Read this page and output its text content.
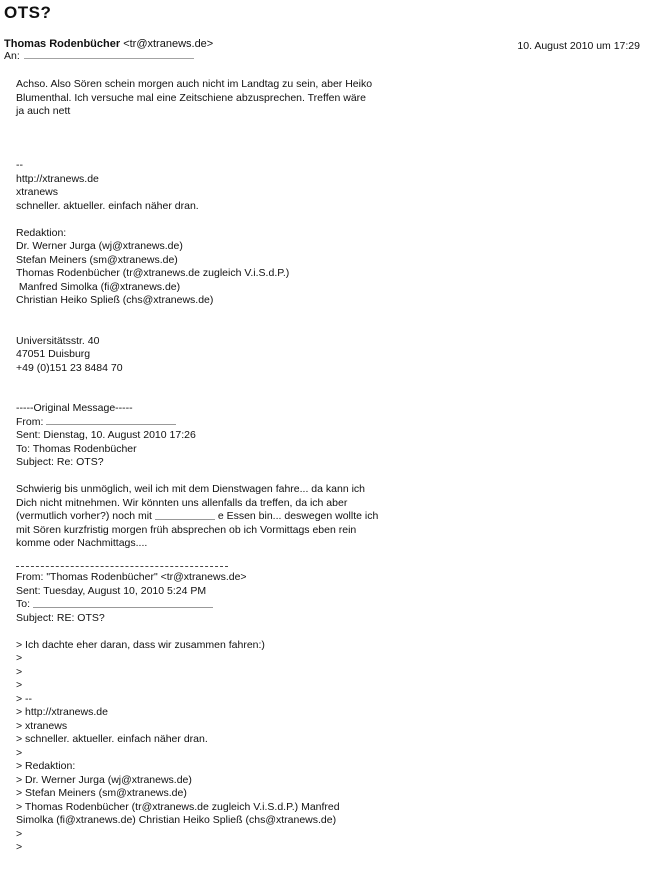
OTS?
Thomas Rodenbücher <tr@xtranews.de>	10. August 2010 um 17:29
An:
Achso. Also Sören schein morgen auch nicht im Landtag zu sein, aber Heiko
Blumenthal. Ich versuche mal eine Zeitschiene abzusprechen. Treffen wäre
ja auch nett
--
http://xtranews.de
xtranews
schneller. aktueller. einfach näher dran.
Redaktion:
Dr. Werner Jurga (wj@xtranews.de)
Stefan Meiners (sm@xtranews.de)
Thomas Rodenbücher (tr@xtranews.de zugleich V.i.S.d.P.)
Manfred Simolka (fi@xtranews.de)
Christian Heiko Spließ (chs@xtranews.de)
Universitätsstr. 40
47051 Duisburg
+49 (0)151 23 8484 70
-----Original Message-----
From:
Sent: Dienstag, 10. August 2010 17:26
To: Thomas Rodenbücher
Subject: Re: OTS?
Schwierig bis unmöglich, weil ich mit dem Dienstwagen fahre... da kann ich
Dich nicht mitnehmen. Wir könnten uns allenfalls da treffen, da ich aber
(vermutlich vorher?) noch mit	e Essen bin... deswegen wollte ich
mit Sören kurzfristig morgen früh absprechen ob ich Vormittags eben rein
komme oder Nachmittags....
From: "Thomas Rodenbücher" <tr@xtranews.de>
Sent: Tuesday, August 10, 2010 5:24 PM
To:
Subject: RE: OTS?
> Ich dachte eher daran, dass wir zusammen fahren:)
>
>
>
> --
> http://xtranews.de
> xtranews
> schneller. aktueller. einfach näher dran.
>
> Redaktion:
> Dr. Werner Jurga (wj@xtranews.de)
> Stefan Meiners (sm@xtranews.de)
> Thomas Rodenbücher (tr@xtranews.de zugleich V.i.S.d.P.) Manfred
Simolka (fi@xtranews.de) Christian Heiko Spließ (chs@xtranews.de)
>
>
